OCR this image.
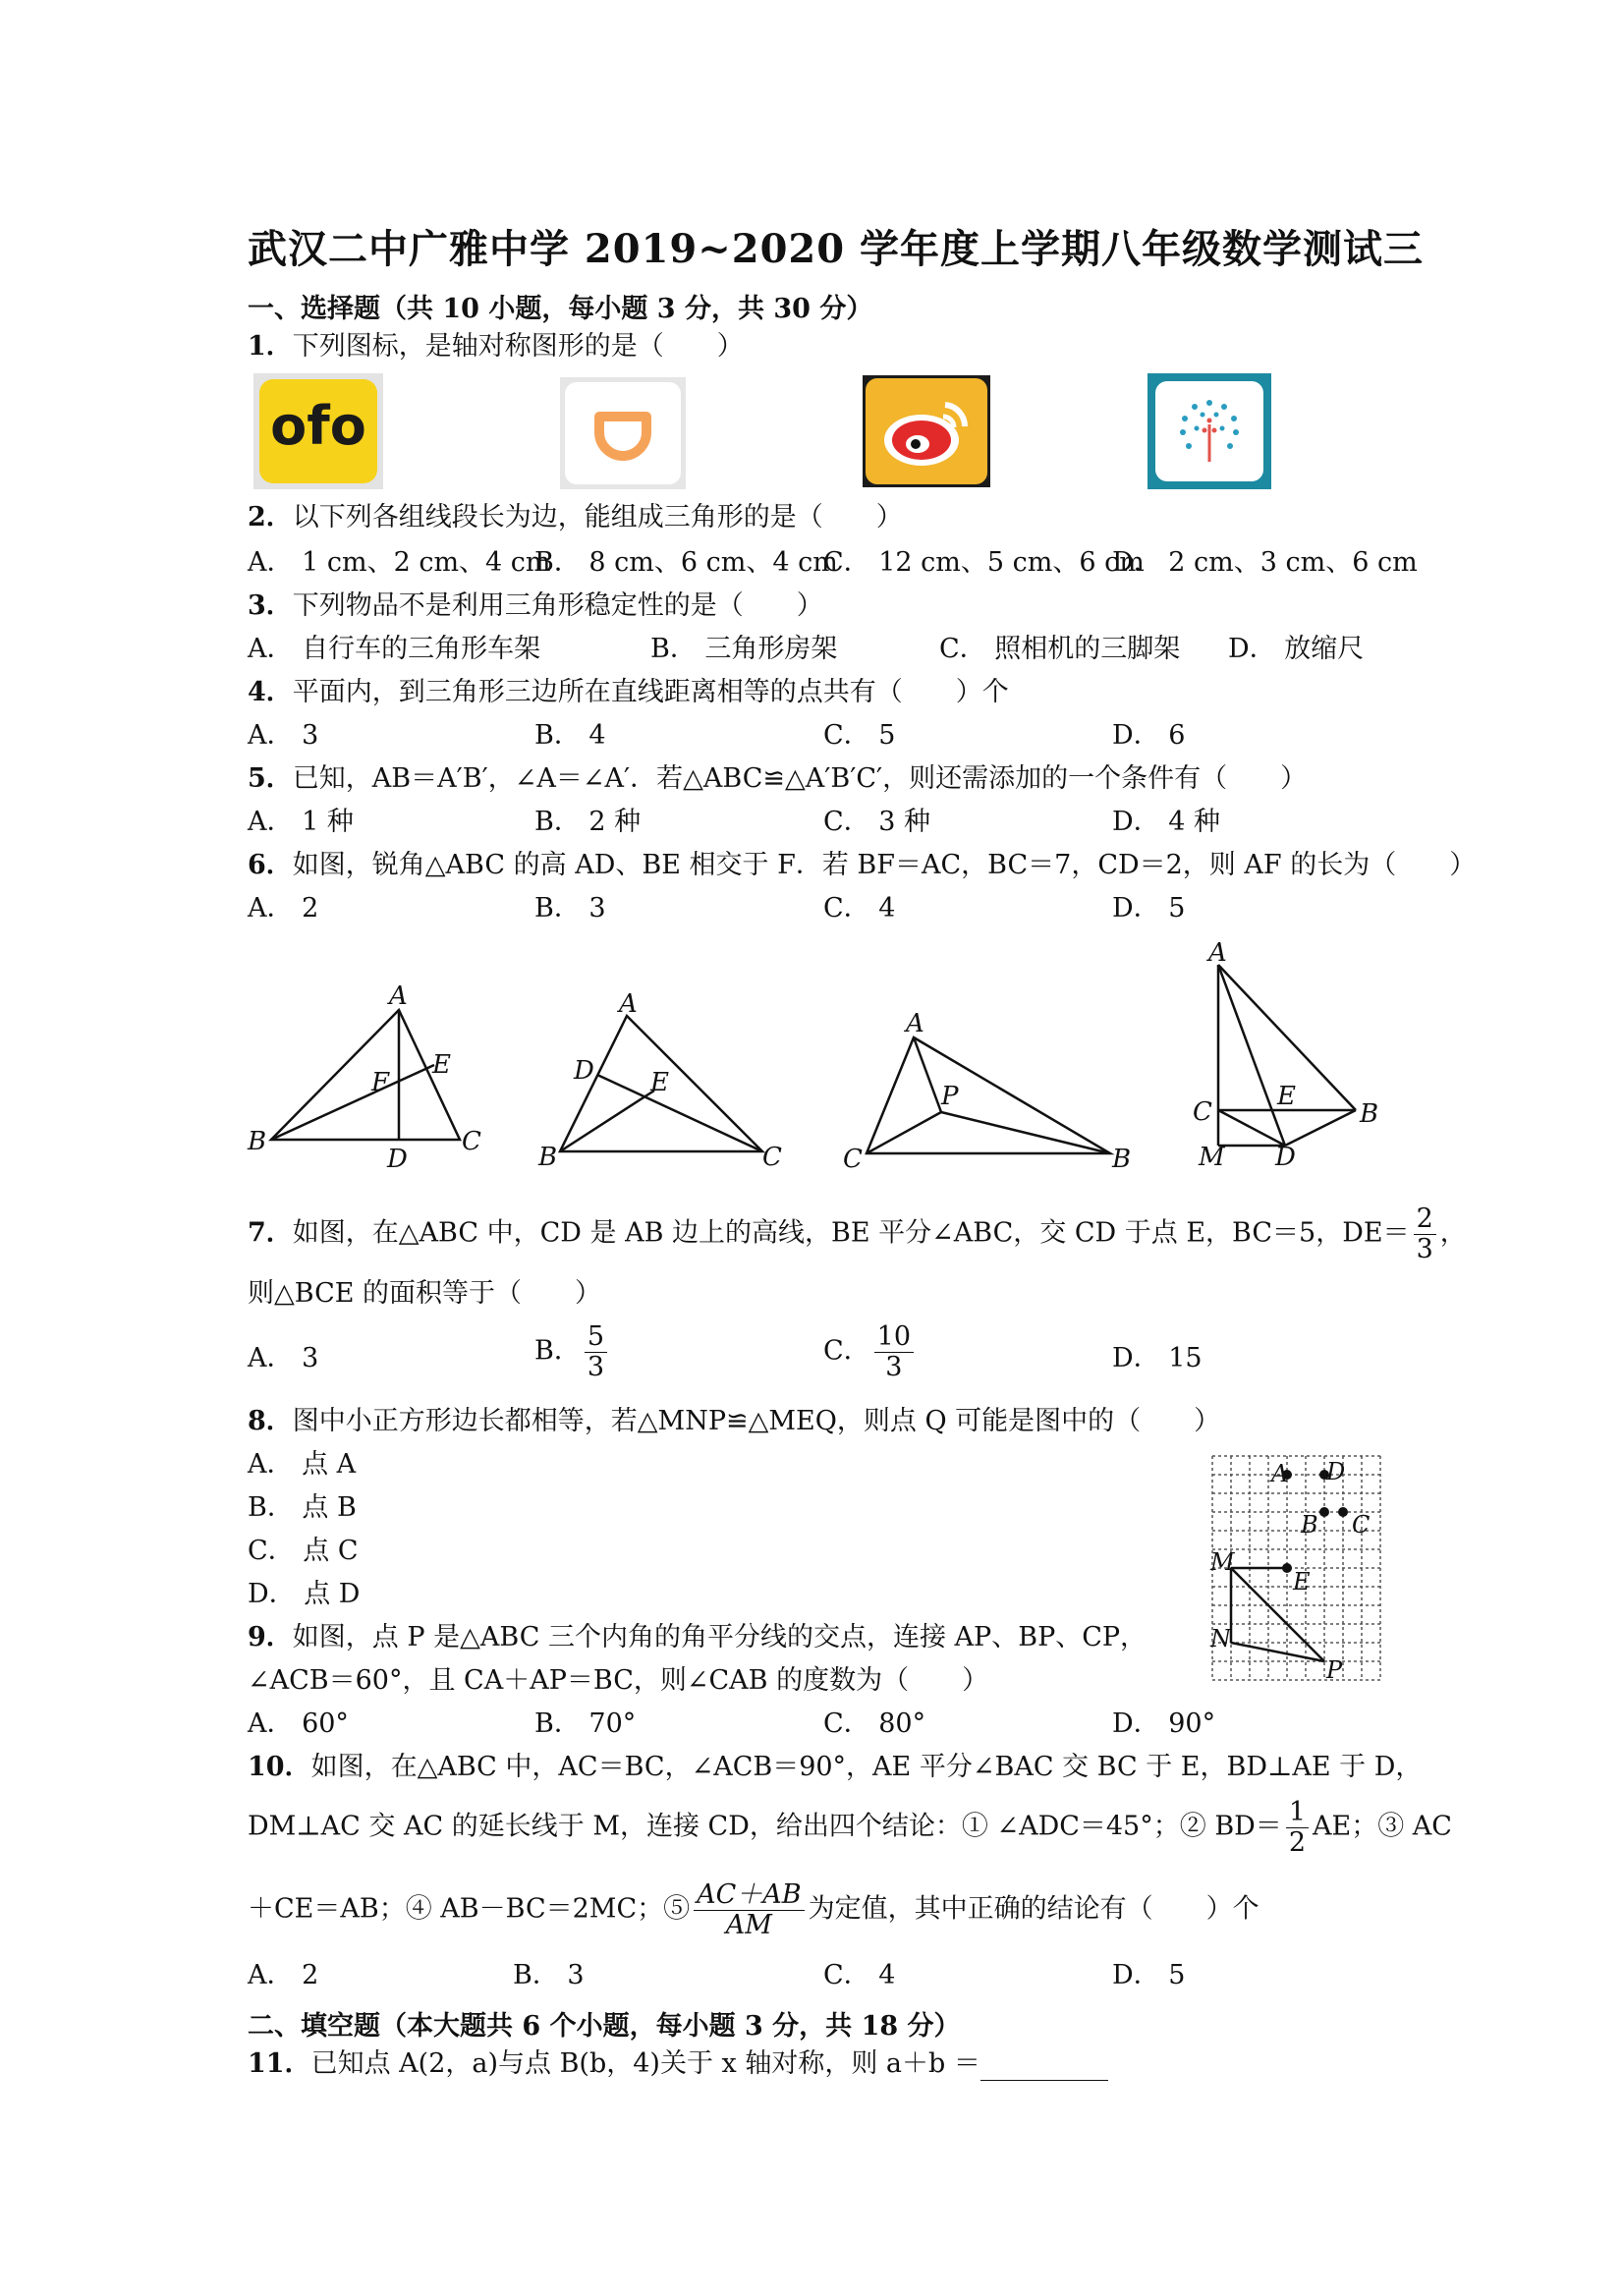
武汉二中广雅中学 2019~2020 学年度上学期八年级数学测试三
一、选择题（共 10 小题，每小题 3 分，共 30 分）
1．下列图标，是轴对称图形的是（　　）
ofo
2．以下列各组线段长为边，能组成三角形的是（　　）
A． 1 cm、2 cm、4 cm
B． 8 cm、6 cm、4 cm
C． 12 cm、5 cm、6 cm
D． 2 cm、3 cm、6 cm
3．下列物品不是利用三角形稳定性的是（　　）
A． 自行车的三角形车架	B． 三角形房架	C． 照相机的三脚架 D． 放缩尺
4．平面内，到三角形三边所在直线距离相等的点共有（　　）个
A． 3	B． 4	C． 5	D． 6
5．已知，AB＝A′B′，∠A＝∠A′．若△ABC≌△A′B′C′，则还需添加的一个条件有（　　）
A． 1 种	B． 2 种	C． 3 种	D． 4 种
6．如图，锐角△ABC 的高 AD、BE 相交于 F．若 BF＝AC，BC＝7，CD＝2，则 AF 的长为（　　）
A． 2	B． 3	C． 4	D． 5
A
F
E
B
D
C
A
D E
B	C
A
P
C	B
A
E
C	B
M D
7．如图，在△ABC 中，CD 是 AB 边上的高线，BE 平分∠ABC，交 CD 于点 E，BC＝5，$DE= \frac{2}{3}$ ，
则△BCE 的面积等于（　　）
A． 3	B． $\frac{5}{3}$	C． $\frac{10}{3}$	D． 15
8．图中小正方形边长都相等，若△MNP≌△MEQ，则点 Q 可能是图中的（　　）
A． 点 A
B． 点 B
C． 点 C
D． 点 D
A D
B C
M
E
N
P
9．如图，点 P 是△ABC 三个内角的角平分线的交点，连接 AP、BP、CP，
∠ACB＝60°，且 CA＋AP＝BC，则∠CAB 的度数为（　　）
A． 60°	B． 70°	C． 80°	D． 90°
10．如图，在△ABC 中，AC＝BC，∠ACB＝90°，AE 平分∠BAC 交 BC 于 E，BD⊥AE 于 D，
DM⊥AC 交 AC 的延长线于 M，连接 CD，给出四个结论：① ∠ADC＝45°；② $BD= \frac{1}{2}$ AE；③ AC
＋CE＝AB；④ AB－BC＝2MC；⑤ $\frac{AC+AB}{AM}$ 为定值，其中正确的结论有（　　）个
A． 2	B． 3	C． 4	D． 5
二、填空题（本大题共 6 个小题，每小题 3 分，共 18 分）
11．已知点 A(2，a)与点 B(b，4)关于 x 轴对称，则 a＋b ＝
